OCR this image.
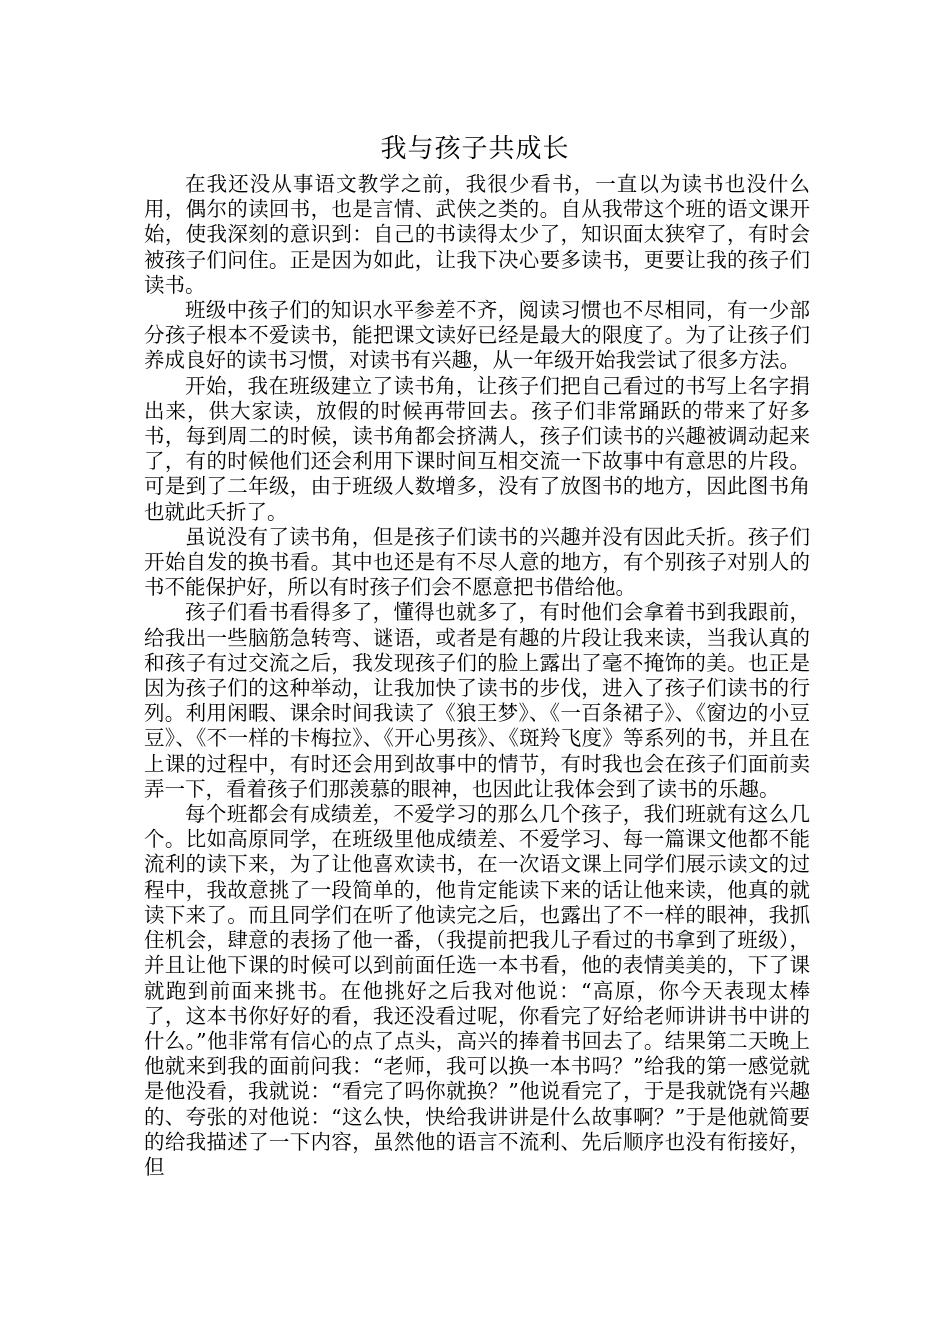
我与孩子共成长

在我还没从事语文教学之前，我很少看书，一直以为读书也没什么用，偶尔的读回书，也是言情、武侠之类的。自从我带这个班的语文课开始，使我深刻的意识到：自己的书读得太少了，知识面太狭窄了，有时会被孩子们问住。正是因为如此，让我下决心要多读书，更要让我的孩子们读书。

班级中孩子们的知识水平参差不齐，阅读习惯也不尽相同，有一少部分孩子根本不爱读书，能把课文读好已经是最大的限度了。为了让孩子们养成良好的读书习惯，对读书有兴趣，从一年级开始我尝试了很多方法。

开始，我在班级建立了读书角，让孩子们把自己看过的书写上名字捐出来，供大家读，放假的时候再带回去。孩子们非常踊跃的带来了好多书，每到周二的时候，读书角都会挤满人，孩子们读书的兴趣被调动起来了，有的时候他们还会利用下课时间互相交流一下故事中有意思的片段。可是到了二年级，由于班级人数增多，没有了放图书的地方，因此图书角也就此夭折了。

虽说没有了读书角，但是孩子们读书的兴趣并没有因此夭折。孩子们开始自发的换书看。其中也还是有不尽人意的地方，有个别孩子对别人的书不能保护好，所以有时孩子们会不愿意把书借给他。

孩子们看书看得多了，懂得也就多了，有时他们会拿着书到我跟前，给我出一些脑筋急转弯、谜语，或者是有趣的片段让我来读，当我认真的和孩子有过交流之后，我发现孩子们的脸上露出了毫不掩饰的美。也正是因为孩子们的这种举动，让我加快了读书的步伐，进入了孩子们读书的行列。利用闲暇、课余时间我读了《狼王梦》、《一百条裙子》、《窗边的小豆豆》、《不一样的卡梅拉》、《开心男孩》、《斑羚飞度》等系列的书，并且在上课的过程中，有时还会用到故事中的情节，有时我也会在孩子们面前卖弄一下，看着孩子们那羡慕的眼神，也因此让我体会到了读书的乐趣。

每个班都会有成绩差，不爱学习的那么几个孩子，我们班就有这么几个。比如高原同学，在班级里他成绩差、不爱学习、每一篇课文他都不能流利的读下来，为了让他喜欢读书，在一次语文课上同学们展示读文的过程中，我故意挑了一段简单的，他肯定能读下来的话让他来读，他真的就读下来了。而且同学们在听了他读完之后，也露出了不一样的眼神，我抓住机会，肆意的表扬了他一番，（我提前把我儿子看过的书拿到了班级），并且让他下课的时候可以到前面任选一本书看，他的表情美美的，下了课就跑到前面来挑书。在他挑好之后我对他说：“高原，你今天表现太棒了，这本书你好好的看，我还没看过呢，你看完了好给老师讲讲书中讲的什么。”他非常有信心的点了点头，高兴的捧着书回去了。结果第二天晚上他就来到我的面前问我：“老师，我可以换一本书吗？”给我的第一感觉就是他没看，我就说：“看完了吗你就换？”他说看完了，于是我就饶有兴趣的、夸张的对他说：“这么快，快给我讲讲是什么故事啊？”于是他就简要的给我描述了一下内容，虽然他的语言不流利、先后顺序也没有衔接好，但
